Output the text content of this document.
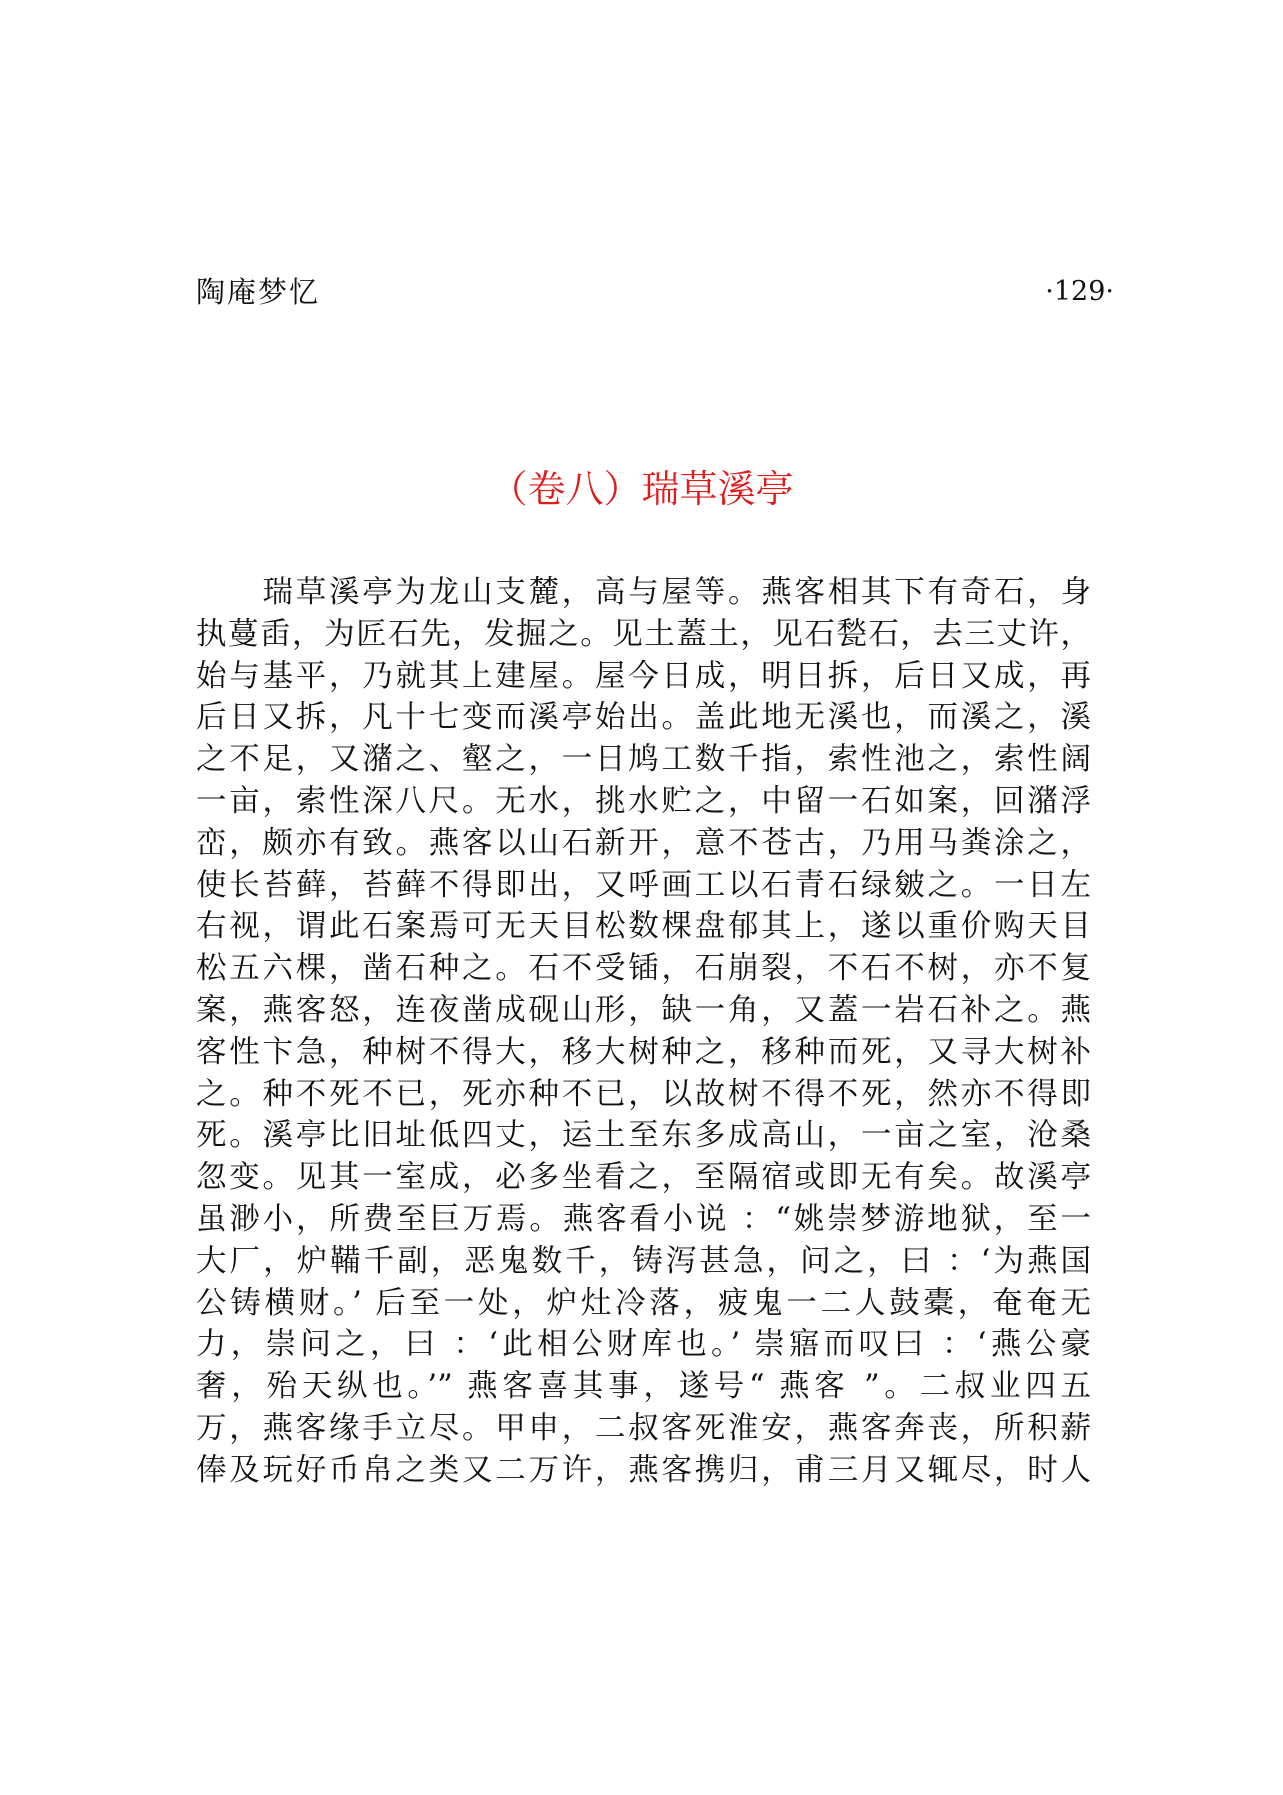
陶庵梦忆	·129·
（卷八）瑞草溪亭
　　瑞草溪亭为龙山支麓，高与屋等。燕客相其下有奇石，身
执蔓臿，为匠石先，发掘之。见土蓋土，见石甃石，去三丈许，
始与基平，乃就其上建屋。屋今日成，明日拆，后日又成，再
后日又拆，凡十七变而溪亭始出。盖此地无溪也，而溪之，溪
之不足，又潴之、壑之，一日鸠工数千指，索性池之，索性阔
一亩，索性深八尺。无水，挑水贮之，中留一石如案，回潴浮
峦，颇亦有致。燕客以山石新开，意不苍古，乃用马粪涂之，
使长苔藓，苔藓不得即出，又呼画工以石青石绿皴之。一日左
右视，谓此石案焉可无天目松数棵盘郁其上，遂以重价购天目
松五六棵，凿石种之。石不受锸，石崩裂，不石不树，亦不复
案，燕客怒，连夜凿成砚山形，缺一角，又蓋一岩石补之。燕
客性卞急，种树不得大，移大树种之，移种而死，又寻大树补
之。种不死不已，死亦种不已，以故树不得不死，然亦不得即
死。溪亭比旧址低四丈，运土至东多成高山，一亩之室，沧桑
忽变。见其一室成，必多坐看之，至隔宿或即无有矣。故溪亭
虽渺小，所费至巨万焉。燕客看小说 ：“姚崇梦游地狱，至一
大厂，炉鞴千副，恶鬼数千，铸泻甚急，问之，曰 ：‘为燕国
公铸横财。’ 后至一处，炉灶冷落，疲鬼一二人鼓橐，奄奄无
力，崇问之，曰 ：‘此相公财库也。’ 崇寤而叹曰 ：‘燕公豪
奢，殆天纵也。’” 燕客喜其事，遂号“ 燕客 ”。二叔业四五
万，燕客缘手立尽。甲申，二叔客死淮安，燕客奔丧，所积薪
俸及玩好币帛之类又二万许，燕客携归，甫三月又辄尽，时人
